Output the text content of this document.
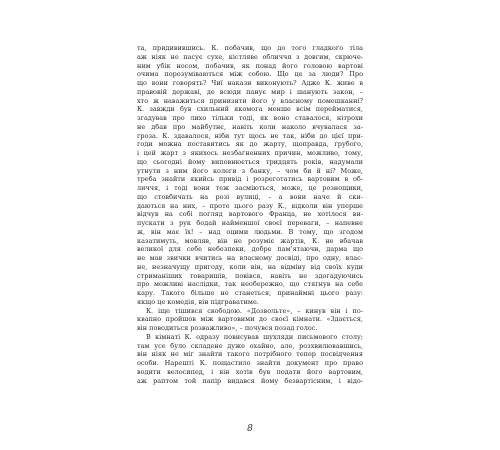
та, придивившись. К. побачив, що до того гладкого тіла
аж ніяк не пасує сухе, кістляве обличчя з довгим, скрюче-
ним убік носом, побачив, як понад його головою вартові
очима порозуміваються між собою. Що це за люди? Про
що вони говорять? Чиї накази виконують? Адже К. живе в
правовій державі, де всюди панує мир і шанують закон, –
хто ж наважиться принизити його у власному помешканні?
К. завжди був схильний якомога менше всім перейматися,
згадував про лихо тільки тоді, як воно ставалося, нітрохи
не дбав про майбутнє, навіть коли наколо вчувалася за-
гроза. К. здавалося, ніби тут щось не так, ніби до цієї при-
годи можна поставитись як до жарту, щоправда, грубого,
і цей жарт з якихось незбагненних причин, можливо, тому,
що сьогодні йому виповнюється тридцять років, надумали
утнути з ним його колеги з банку, – чом би й ні? Може,
треба знайти якийсь привід і розреготатись вартовим в об-
личчя, і тоді вони теж засміються, може, це рознощики,
що стовбичать на розі вулиці, – а вони наче й ски-
даються на них, – проте цього разу К., відколи він уперше
відчув на собі погляд вартового Франца, не хотілося ви-
пускати з рук бодай найменшої своєї переваги, – напевне
ж, він має їх! – над оцими людьми. В тому, що згодом
казатимуть, мовляв, він не розуміє жартів, К. не вбачав
великої для себе небезпеки, добре пам’ятаючи, дарма що
не мав звички вчитись на власному досвіді, про одну, влас-
не, незначущу пригоду, коли він, на відміну від своїх куди
стриманіших товаришів, повівся, навіть не здогадуючись
про можливі наслідки, так необережно, що стягнув на себе
кару. Такого більше не станеться, принаймні цього разу:
якщо це комедія, він підграватиме.
К. іще тішився свободою. «Дозвольте», – кинув він і по-
квапно пройшов між вартовими до своєї кімнати. «Здається,
він поводиться розважливо», – почувся позад голос.
В кімнаті К. одразу повисував шухляди письмового столу;
там усе було складене дуже охайно, але, розхвилювавшись,
він ніяк не міг знайти такого потрібного тепер посвідчення
особи. Нарешті К. пощастило знайти документ про право
водити велосипед, і він хотів був подати його вартовим,
аж раптом той папір видався йому безвартісним, і відо-
8
